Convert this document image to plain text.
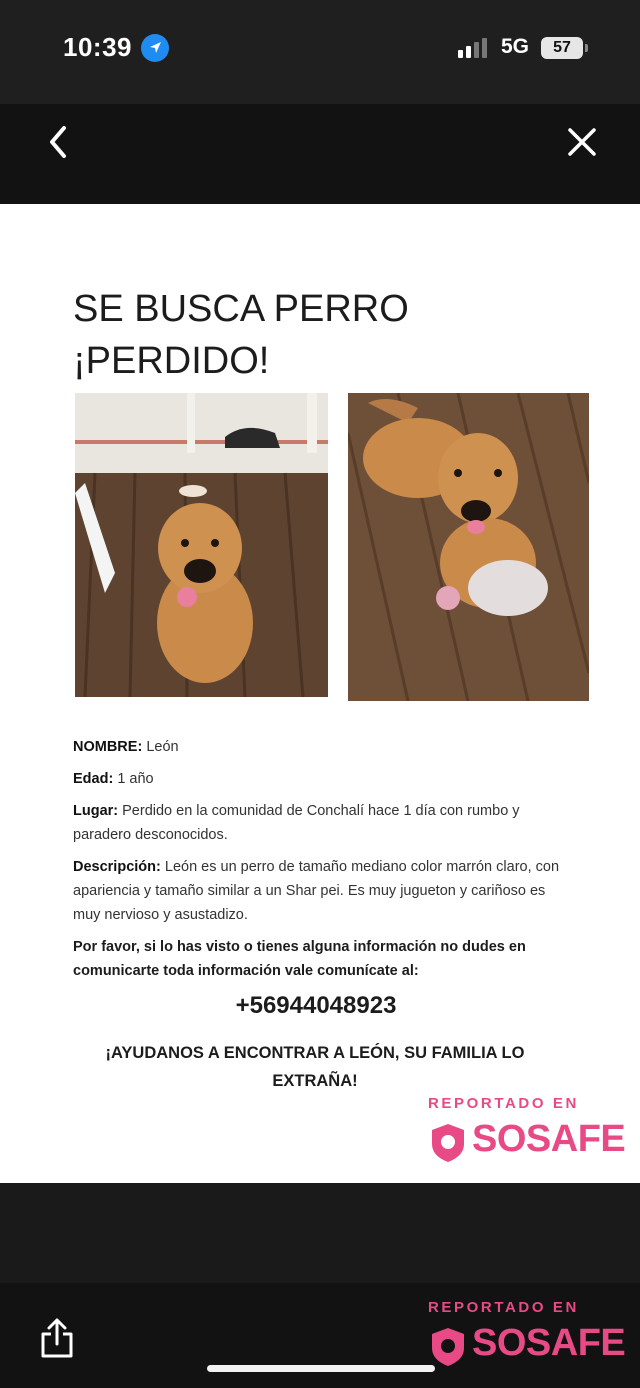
10:39	5G	57
SE BUSCA PERRO
¡PERDIDO!

NOMBRE: León

Edad: 1 año

Lugar: Perdido en la comunidad de Conchalí hace 1 día con rumbo y paradero desconocidos.

Descripción: León es un perro de tamaño mediano color marrón claro, con apariencia y tamaño similar a un Shar pei. Es muy jugueton y cariñoso es muy nervioso y asustadizo.

Por favor, si lo has visto o tienes alguna información no dudes en comunicarte toda información vale comunícate al:
+56944048923
¡AYUDANOS A ENCONTRAR A LEÓN, SU FAMILIA LO EXTRAÑA!
REPORTADO EN
SOSAFE
REPORTADO EN
SOSAFE
